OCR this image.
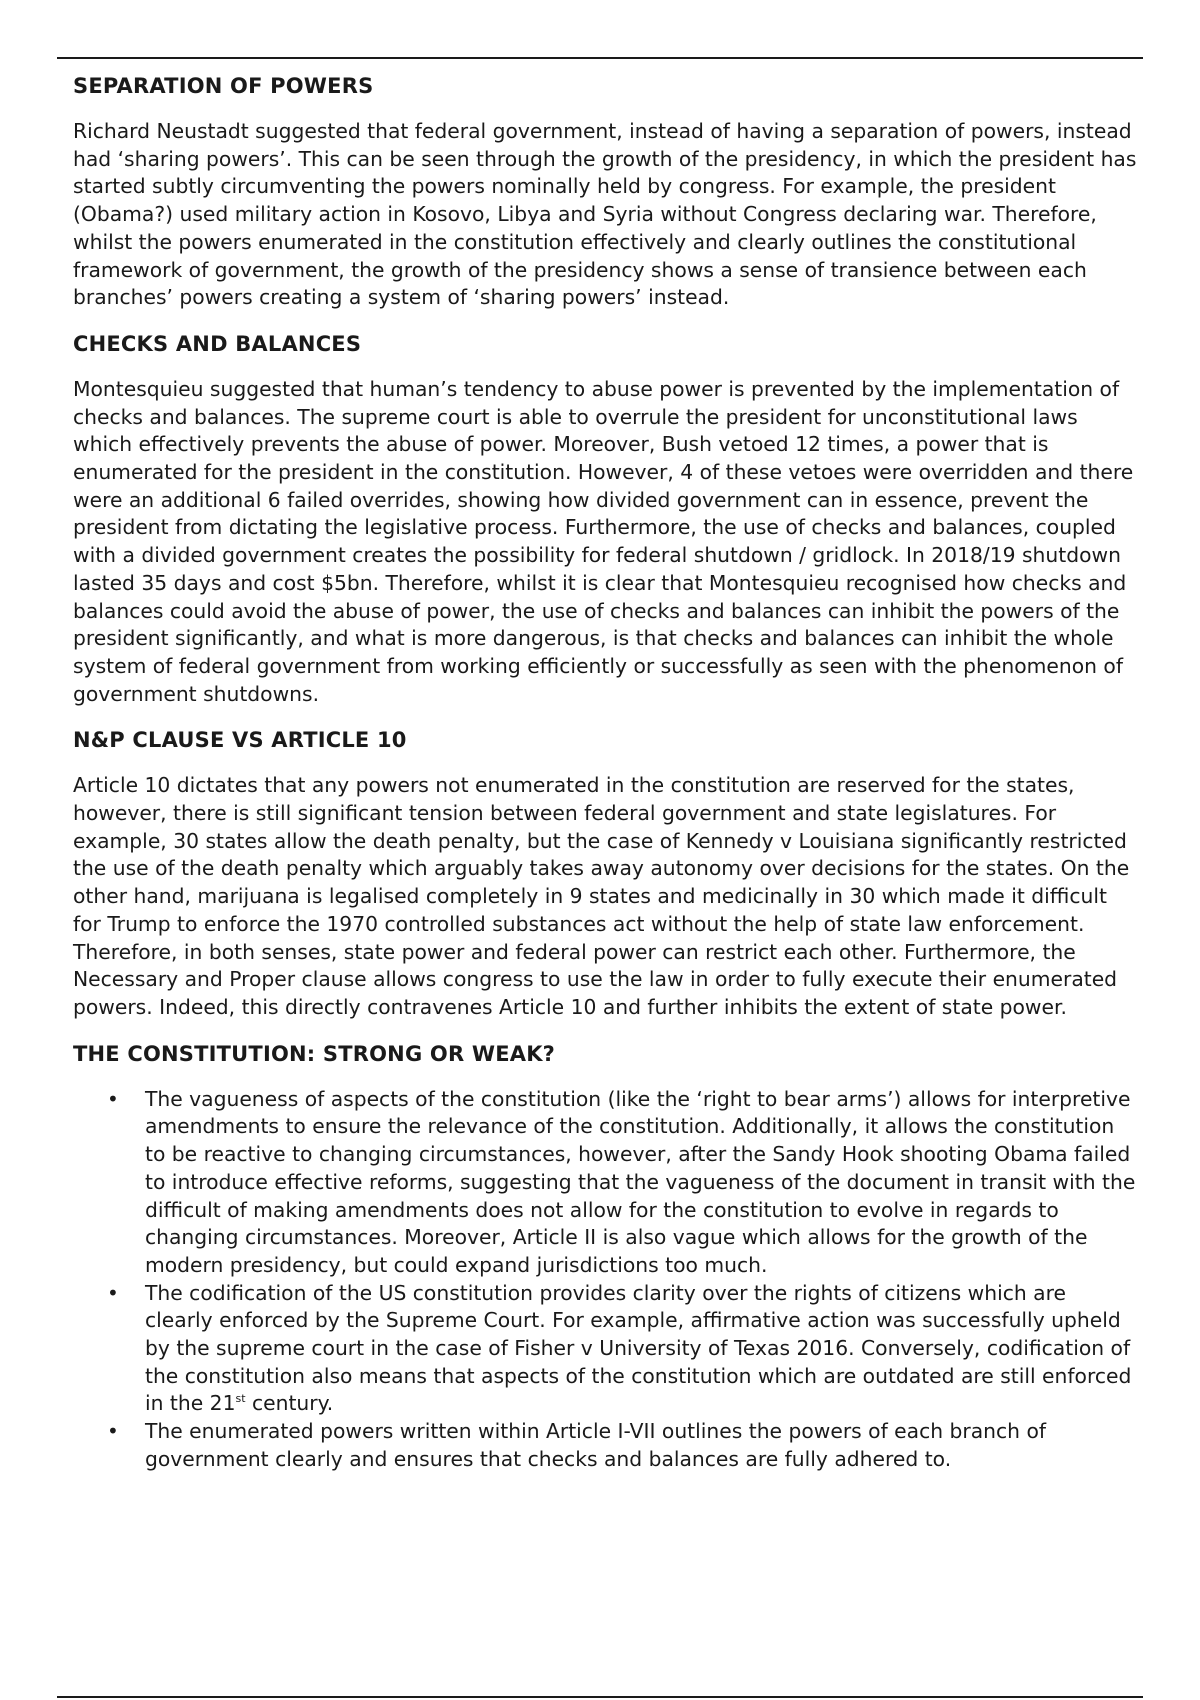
SEPARATION OF POWERS

Richard Neustadt suggested that federal government, instead of having a separation of powers, instead had ‘sharing powers’. This can be seen through the growth of the presidency, in which the president has started subtly circumventing the powers nominally held by congress. For example, the president (Obama?) used military action in Kosovo, Libya and Syria without Congress declaring war. Therefore, whilst the powers enumerated in the constitution effectively and clearly outlines the constitutional framework of government, the growth of the presidency shows a sense of transience between each branches’ powers creating a system of ‘sharing powers’ instead.

CHECKS AND BALANCES

Montesquieu suggested that human’s tendency to abuse power is prevented by the implementation of checks and balances. The supreme court is able to overrule the president for unconstitutional laws which effectively prevents the abuse of power. Moreover, Bush vetoed 12 times, a power that is enumerated for the president in the constitution. However, 4 of these vetoes were overridden and there were an additional 6 failed overrides, showing how divided government can in essence, prevent the president from dictating the legislative process. Furthermore, the use of checks and balances, coupled with a divided government creates the possibility for federal shutdown / gridlock. In 2018/19 shutdown lasted 35 days and cost $5bn. Therefore, whilst it is clear that Montesquieu recognised how checks and balances could avoid the abuse of power, the use of checks and balances can inhibit the powers of the president significantly, and what is more dangerous, is that checks and balances can inhibit the whole system of federal government from working efficiently or successfully as seen with the phenomenon of government shutdowns.

N&P CLAUSE VS ARTICLE 10

Article 10 dictates that any powers not enumerated in the constitution are reserved for the states, however, there is still significant tension between federal government and state legislatures. For example, 30 states allow the death penalty, but the case of Kennedy v Louisiana significantly restricted the use of the death penalty which arguably takes away autonomy over decisions for the states. On the other hand, marijuana is legalised completely in 9 states and medicinally in 30 which made it difficult for Trump to enforce the 1970 controlled substances act without the help of state law enforcement. Therefore, in both senses, state power and federal power can restrict each other. Furthermore, the Necessary and Proper clause allows congress to use the law in order to fully execute their enumerated powers. Indeed, this directly contravenes Article 10 and further inhibits the extent of state power.

THE CONSTITUTION: STRONG OR WEAK?
• The vagueness of aspects of the constitution (like the ‘right to bear arms’) allows for interpretive amendments to ensure the relevance of the constitution. Additionally, it allows the constitution to be reactive to changing circumstances, however, after the Sandy Hook shooting Obama failed to introduce effective reforms, suggesting that the vagueness of the document in transit with the difficult of making amendments does not allow for the constitution to evolve in regards to changing circumstances. Moreover, Article II is also vague which allows for the growth of the modern presidency, but could expand jurisdictions too much.
• The codification of the US constitution provides clarity over the rights of citizens which are clearly enforced by the Supreme Court. For example, affirmative action was successfully upheld by the supreme court in the case of Fisher v University of Texas 2016. Conversely, codification of the constitution also means that aspects of the constitution which are outdated are still enforced in the 21st century.
• The enumerated powers written within Article I-VII outlines the powers of each branch of government clearly and ensures that checks and balances are fully adhered to.
